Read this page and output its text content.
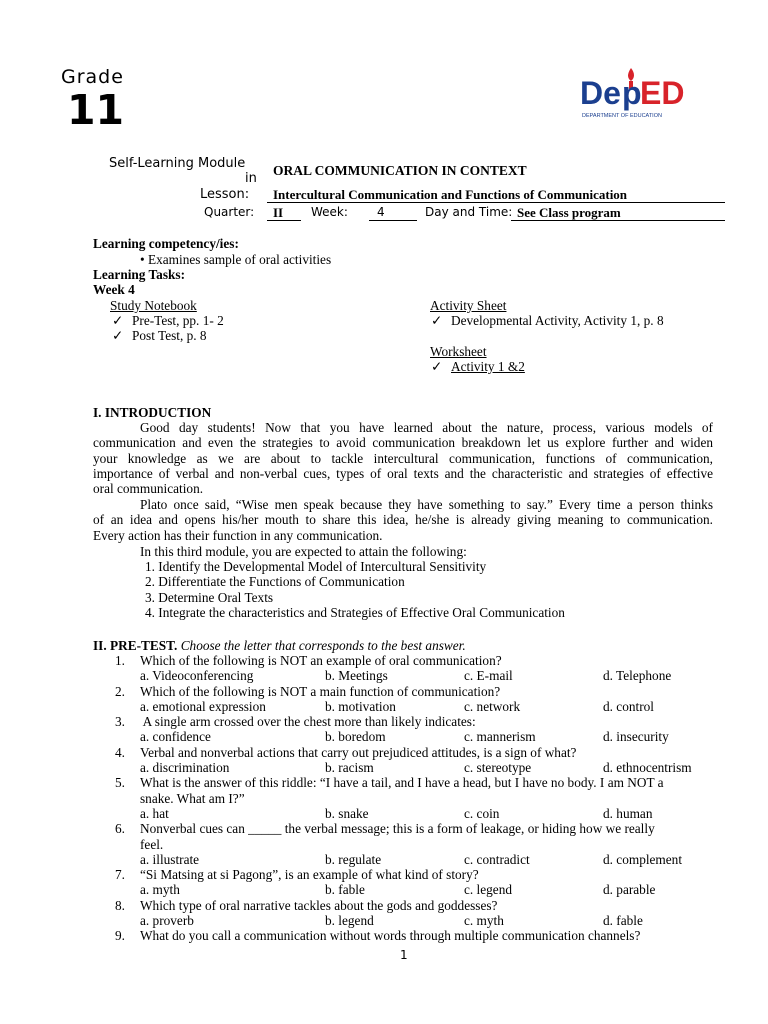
Grade
11	De p
ED
DEPARTMENT OF EDUCATION
Self-Learning Module
in
ORAL COMMUNICATION IN CONTEXT
Lesson: Intercultural Communication and Functions of Communication
Quarter: II Week: 4	Day and Time: See Class program
Learning competency/ies:
• Examines sample of oral activities
Learning Tasks:
Week 4
Study Notebook
✓ Pre-Test, pp. 1- 2
✓ Post Test, p. 8
Activity Sheet
✓ Developmental Activity, Activity 1, p. 8
Worksheet
✓ Activity 1 &2
I. INTRODUCTION
Good day students! Now that you have learned about the nature, process, various models of
communication and even the strategies to avoid communication breakdown let us explore further and widen
your knowledge as we are about to tackle intercultural communication, functions of communication,
importance of verbal and non-verbal cues, types of oral texts and the characteristic and strategies of effective
oral communication.
Plato once said, “Wise men speak because they have something to say.” Every time a person thinks
of an idea and opens his/her mouth to share this idea, he/she is already giving meaning to communication.
Every action has their function in any communication.
In this third module, you are expected to attain the following:
1. Identify the Developmental Model of Intercultural Sensitivity
2. Differentiate the Functions of Communication
3. Determine Oral Texts
4. Integrate the characteristics and Strategies of Effective Oral Communication
II. PRE-TEST. Choose the letter that corresponds to the best answer.
1. Which of the following is NOT an example of oral communication?
a. Videoconferencing	b. Meetings	c. E-mail	d. Telephone
2. Which of the following is NOT a main function of communication?
a. emotional expression	b. motivation	c. network	d. control
3. A single arm crossed over the chest more than likely indicates:
a. confidence	b. boredom	c. mannerism	d. insecurity
4. Verbal and nonverbal actions that carry out prejudiced attitudes, is a sign of what?
a. discrimination	b. racism	c. stereotype	d. ethnocentrism
5. What is the answer of this riddle: “I have a tail, and I have a head, but I have no body. I am NOT a
snake. What am I?”
a. hat	b. snake	c. coin	d. human
6. Nonverbal cues can _____ the verbal message; this is a form of leakage, or hiding how we really
feel.
a. illustrate	b. regulate	c. contradict	d. complement
7. “Si Matsing at si Pagong”, is an example of what kind of story?
a. myth	b. fable	c. legend	d. parable
8. Which type of oral narrative tackles about the gods and goddesses?
a. proverb	b. legend	c. myth	d. fable
9. What do you call a communication without words through multiple communication channels?
1
